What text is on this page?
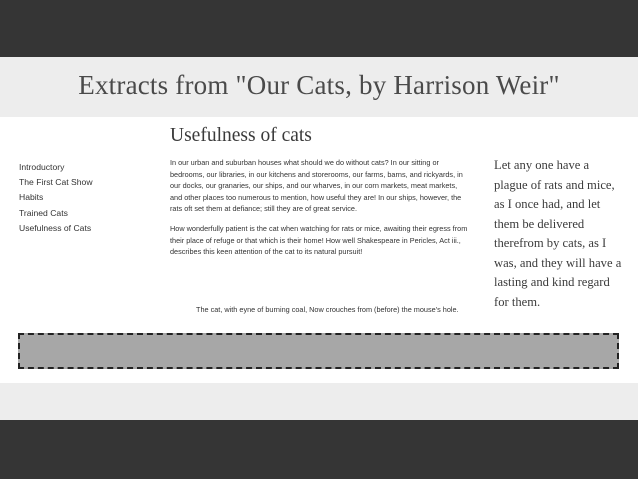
Extracts from "Our Cats, by Harrison Weir"
Usefulness of cats
Introductory
The First Cat Show
Habits
Trained Cats
Usefulness of Cats

In our urban and suburban houses what should we do without cats? In our sitting or bedrooms, our libraries, in our kitchens and storerooms, our farms, barns, and rickyards, in our docks, our granaries, our ships, and our wharves, in our corn markets, meat markets, and other places too numerous to mention, how useful they are! In our ships, however, the rats oft set them at defiance; still they are of great service.

How wonderfully patient is the cat when watching for rats or mice, awaiting their egress from their place of refuge or that which is their home! How well Shakespeare in Pericles, Act iii., describes this keen attention of the cat to its natural pursuit!

The cat, with eyne of burning coal, Now crouches from (before) the mouse's hole.

Let any one have a plague of rats and mice, as I once had, and let them be delivered therefrom by cats, as I was, and they will have a lasting and kind regard for them.
